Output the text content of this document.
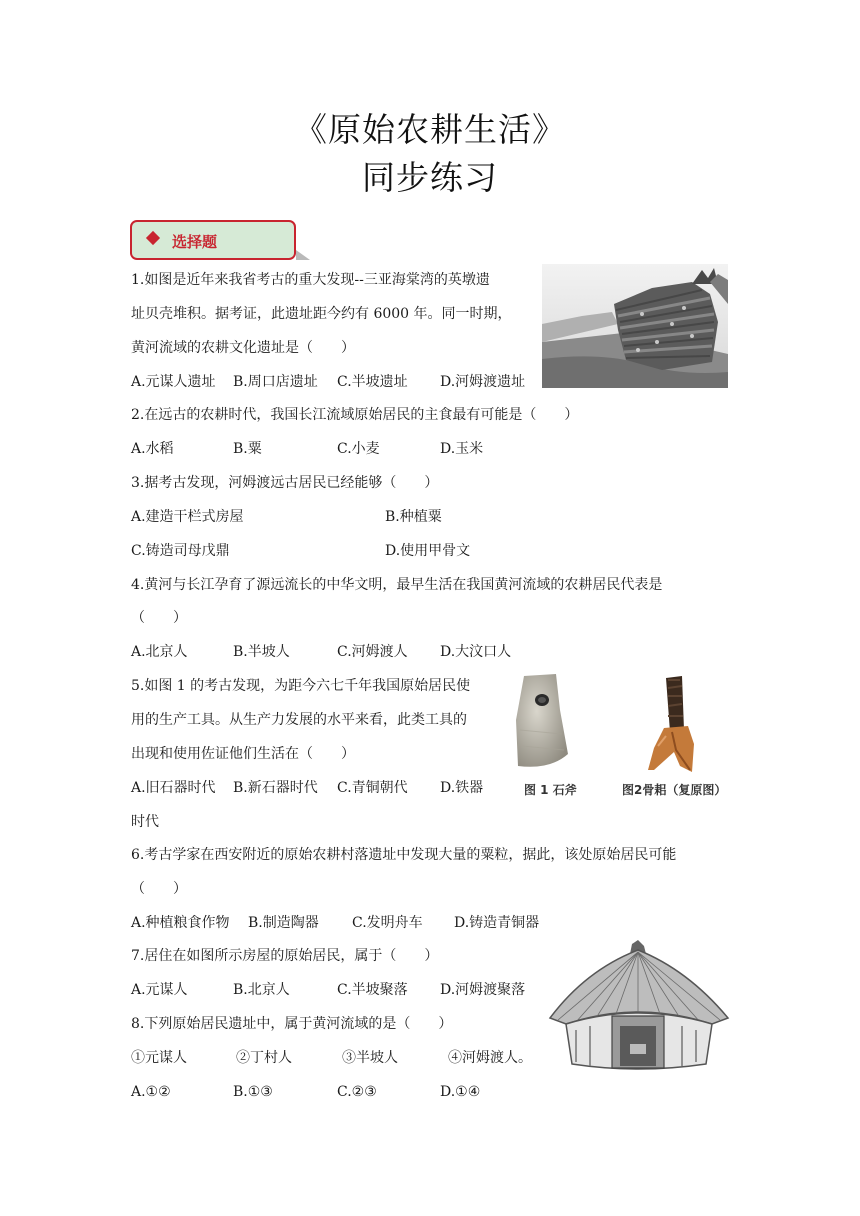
《原始农耕生活》
同步练习
选择题
1.如图是近年来我省考古的重大发现--三亚海棠湾的英墩遗
址贝壳堆积。据考证，此遗址距今约有 6000 年。同一时期，
黄河流域的农耕文化遗址是（　　）
A.元谋人遗址 B.周口店遗址 C.半坡遗址 D.河姆渡遗址
2.在远古的农耕时代，我国长江流域原始居民的主食最有可能是（　　）
A.水稻	B.粟	C.小麦	D.玉米
3.据考古发现，河姆渡远古居民已经能够（　　）
A.建造干栏式房屋	B.种植粟
C.铸造司母戊鼎	D.使用甲骨文
4.黄河与长江孕育了源远流长的中华文明，最早生活在我国黄河流域的农耕居民代表是
（　　）
A.北京人	B.半坡人	C.河姆渡人 D.大汶口人
5.如图 1 的考古发现，为距今六七千年我国原始居民使
用的生产工具。从生产力发展的水平来看，此类工具的
出现和使用佐证他们生活在（　　）
A.旧石器时代 B.新石器时代 C.青铜朝代 D.铁器
时代
图 1 石斧	图2骨耜（复原图）
6.考古学家在西安附近的原始农耕村落遗址中发现大量的粟粒，据此，该处原始居民可能
（　　）
A.种植粮食作物 B.制造陶器 C.发明舟车 D.铸造青铜器
7.居住在如图所示房屋的原始居民，属于（　　）
A.元谋人	B.北京人	C.半坡聚落 D.河姆渡聚落
8.下列原始居民遗址中，属于黄河流域的是（　　）
①元谋人	②丁村人	③半坡人	④河姆渡人。
A.①②	B.①③	C.②③	D.①④
